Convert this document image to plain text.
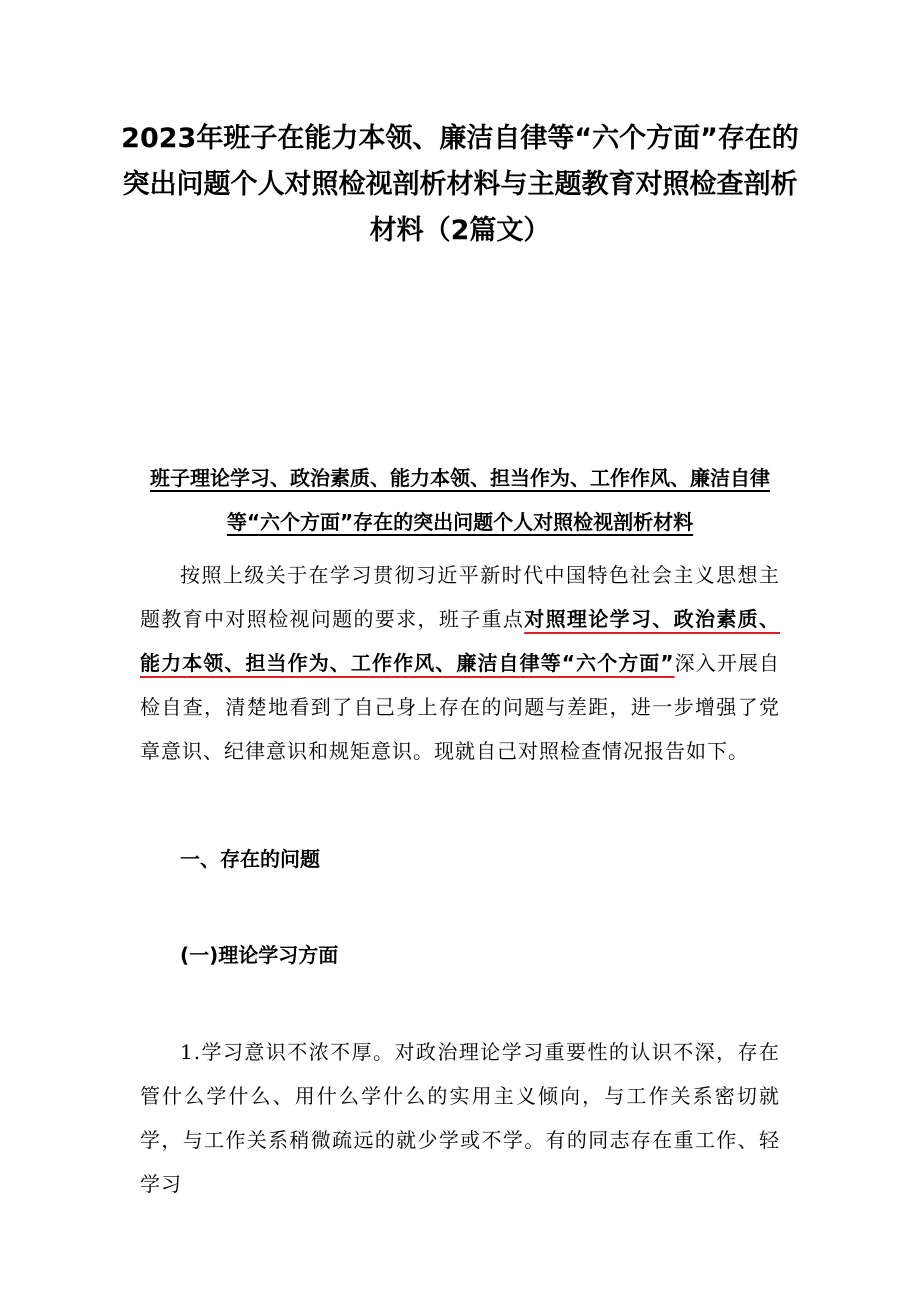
2023年班子在能力本领、廉洁自律等“六个方面”存在的突出问题个人对照检视剖析材料与主题教育对照检查剖析材料（2篇文）
班子理论学习、政治素质、能力本领、担当作为、工作作风、廉洁自律等“六个方面”存在的突出问题个人对照检视剖析材料
按照上级关于在学习贯彻习近平新时代中国特色社会主义思想主题教育中对照检视问题的要求，班子重点对照理论学习、政治素质、能力本领、担当作为、工作作风、廉洁自律等“六个方面”深入开展自检自查，清楚地看到了自己身上存在的问题与差距，进一步增强了党章意识、纪律意识和规矩意识。现就自己对照检查情况报告如下。
一、存在的问题
(一)理论学习方面
1.学习意识不浓不厚。对政治理论学习重要性的认识不深，存在管什么学什么、用什么学什么的实用主义倾向，与工作关系密切就学，与工作关系稍微疏远的就少学或不学。有的同志存在重工作、轻学习
